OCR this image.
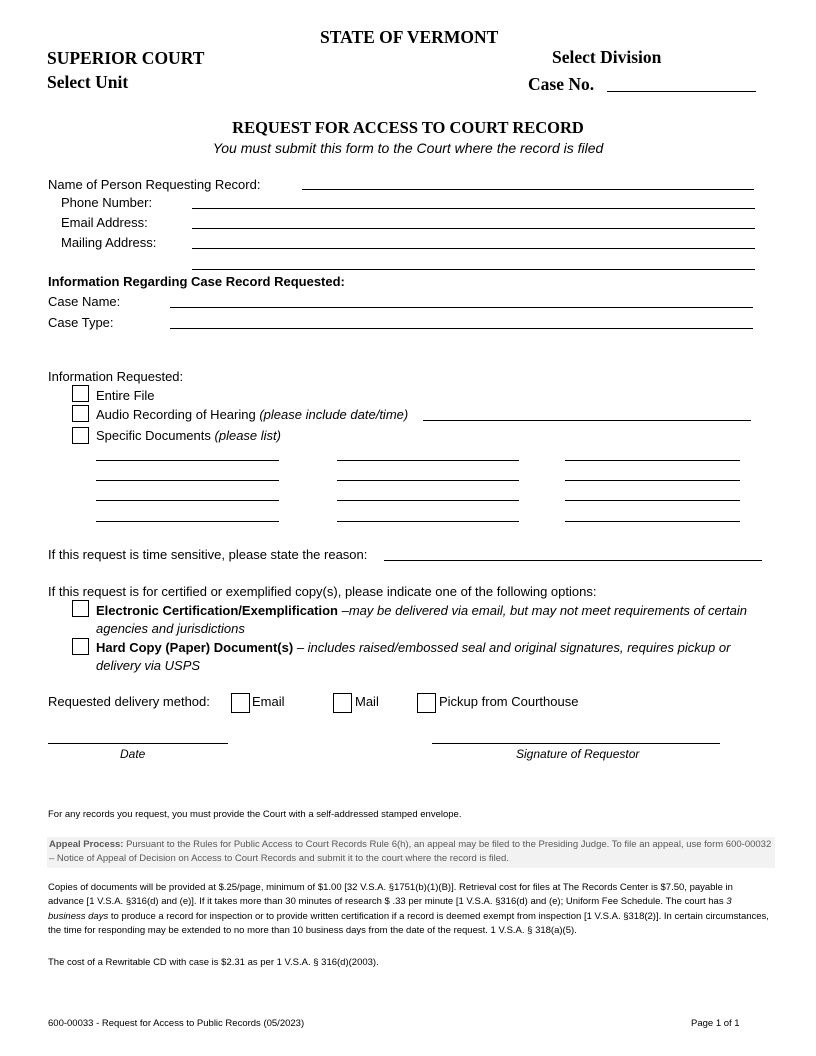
STATE OF VERMONT
SUPERIOR COURT
Select Unit
Select Division
Case No.
REQUEST FOR ACCESS TO COURT RECORD
You must submit this form to the Court where the record is filed
Name of Person Requesting Record:
Phone Number:
Email Address:
Mailing Address:
Information Regarding Case Record Requested:
Case Name:
Case Type:
Information Requested:
Entire File
Audio Recording of Hearing (please include date/time)
Specific Documents (please list)
If this request is time sensitive, please state the reason:
If this request is for certified or exemplified copy(s), please indicate one of the following options:
Electronic Certification/Exemplification –may be delivered via email, but may not meet requirements of certain agencies and jurisdictions
Hard Copy (Paper) Document(s) – includes raised/embossed seal and original signatures, requires pickup or delivery via USPS
Requested delivery method:	Email	Mail	Pickup from Courthouse
Date	Signature of Requestor
For any records you request, you must provide the Court with a self-addressed stamped envelope.
Appeal Process: Pursuant to the Rules for Public Access to Court Records Rule 6(h), an appeal may be filed to the Presiding Judge. To file an appeal, use form 600-00032 – Notice of Appeal of Decision on Access to Court Records and submit it to the court where the record is filed.
Copies of documents will be provided at $.25/page, minimum of $1.00 [32 V.S.A. §1751(b)(1)(B)]. Retrieval cost for files at The Records Center is $7.50, payable in advance [1 V.S.A. §316(d) and (e)]. If it takes more than 30 minutes of research $ .33 per minute [1 V.S.A. §316(d) and (e); Uniform Fee Schedule. The court has 3 business days to produce a record for inspection or to provide written certification if a record is deemed exempt from inspection [1 V.S.A. §318(2)]. In certain circumstances, the time for responding may be extended to no more than 10 business days from the date of the request. 1 V.S.A. § 318(a)(5).
The cost of a Rewritable CD with case is $2.31 as per 1 V.S.A. § 316(d)(2003).
600-00033 - Request for Access to Public Records (05/2023)	Page 1 of 1
